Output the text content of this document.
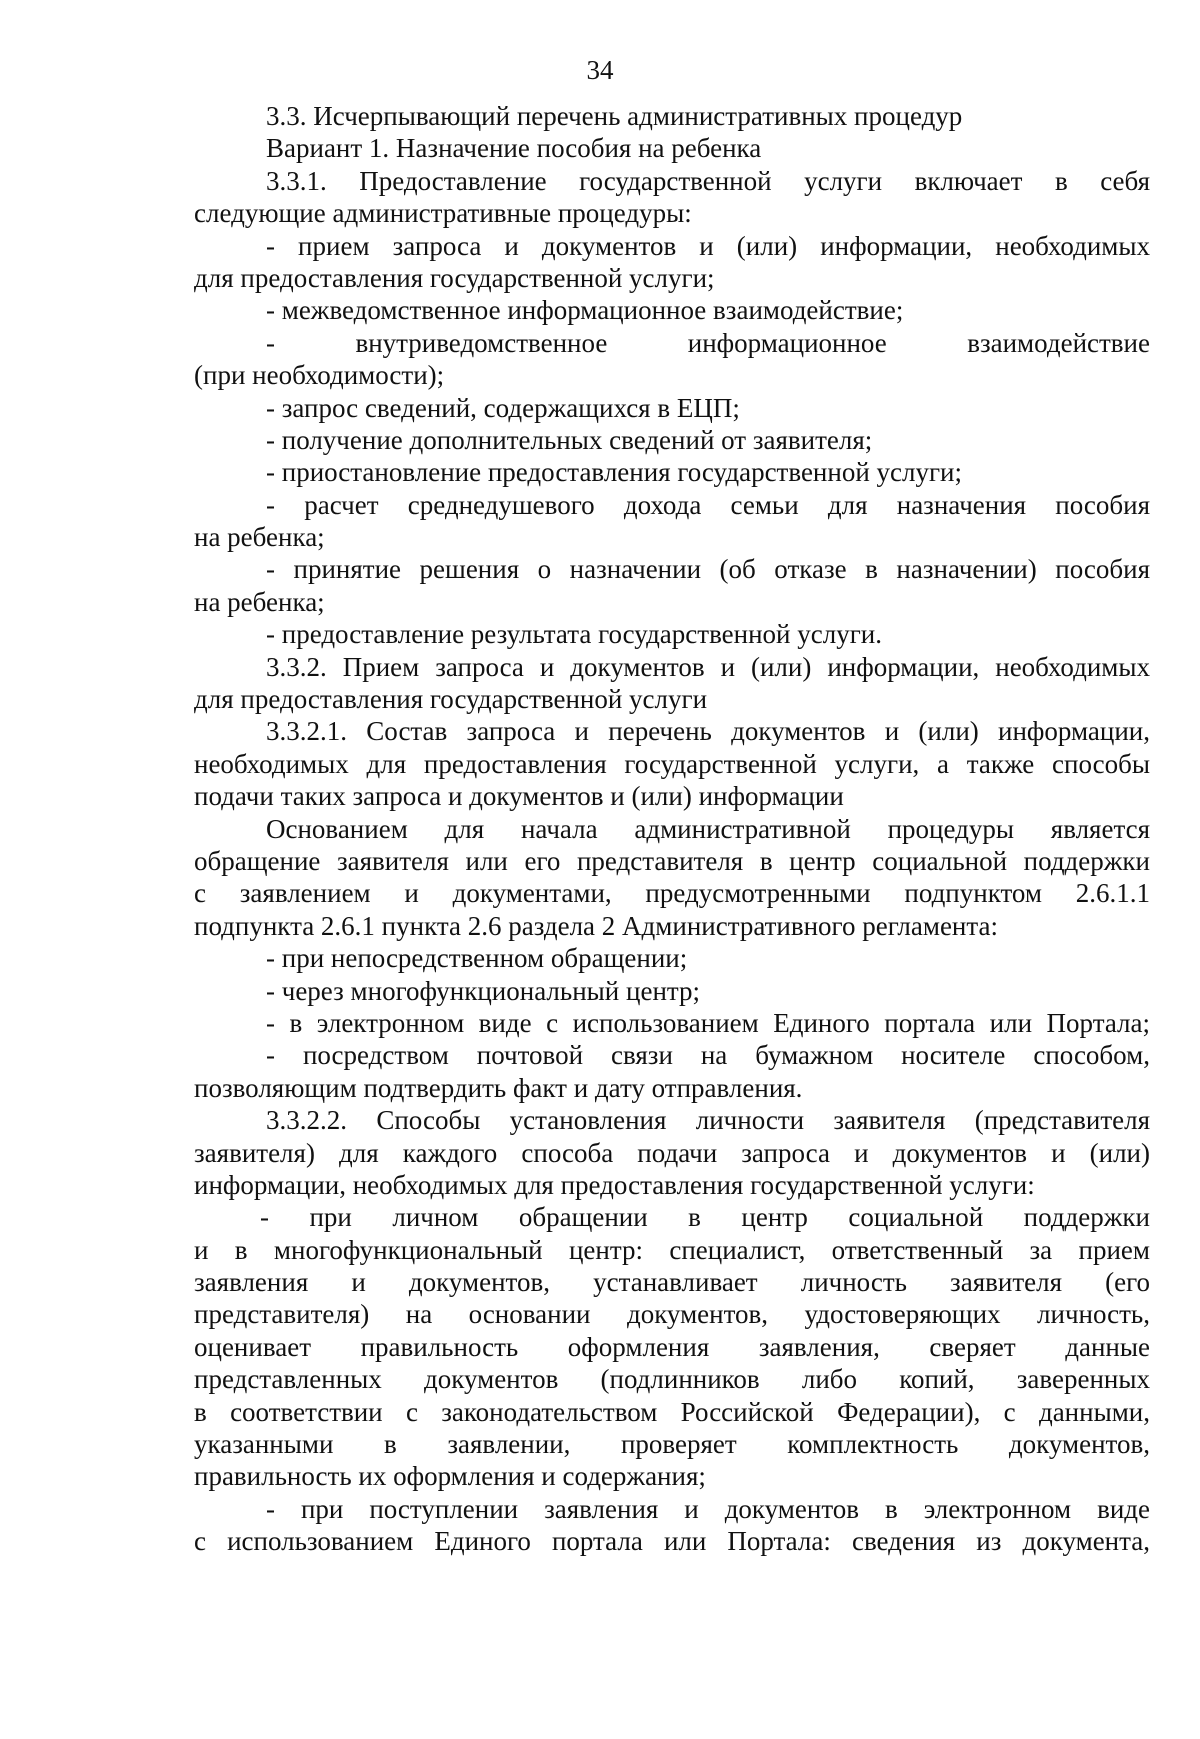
34
3.3. Исчерпывающий перечень административных процедур
Вариант 1. Назначение пособия на ребенка
3.3.1. Предоставление государственной услуги включает в себя
следующие административные процедуры:
- прием запроса и документов и (или) информации, необходимых
для предоставления государственной услуги;
- межведомственное информационное взаимодействие;
- внутриведомственное информационное взаимодействие
(при необходимости);
- запрос сведений, содержащихся в ЕЦП;
- получение дополнительных сведений от заявителя;
- приостановление предоставления государственной услуги;
- расчет среднедушевого дохода семьи для назначения пособия
на ребенка;
- принятие решения о назначении (об отказе в назначении) пособия
на ребенка;
- предоставление результата государственной услуги.
3.3.2. Прием запроса и документов и (или) информации, необходимых
для предоставления государственной услуги
3.3.2.1. Состав запроса и перечень документов и (или) информации,
необходимых для предоставления государственной услуги, а также способы
подачи таких запроса и документов и (или) информации
Основанием для начала административной процедуры является
обращение заявителя или его представителя в центр социальной поддержки
с заявлением и документами, предусмотренными подпунктом 2.6.1.1
подпункта 2.6.1 пункта 2.6 раздела 2 Административного регламента:
- при непосредственном обращении;
- через многофункциональный центр;
- в электронном виде с использованием Единого портала или Портала;
- посредством почтовой связи на бумажном носителе способом,
позволяющим подтвердить факт и дату отправления.
3.3.2.2. Способы установления личности заявителя (представителя
заявителя) для каждого способа подачи запроса и документов и (или)
информации, необходимых для предоставления государственной услуги:
- при личном обращении в центр социальной поддержки
и в многофункциональный центр: специалист, ответственный за прием
заявления и документов, устанавливает личность заявителя (его
представителя) на основании документов, удостоверяющих личность,
оценивает правильность оформления заявления, сверяет данные
представленных документов (подлинников либо копий, заверенных
в соответствии с законодательством Российской Федерации), с данными,
указанными в заявлении, проверяет комплектность документов,
правильность их оформления и содержания;
- при поступлении заявления и документов в электронном виде
с использованием Единого портала или Портала: сведения из документа,
